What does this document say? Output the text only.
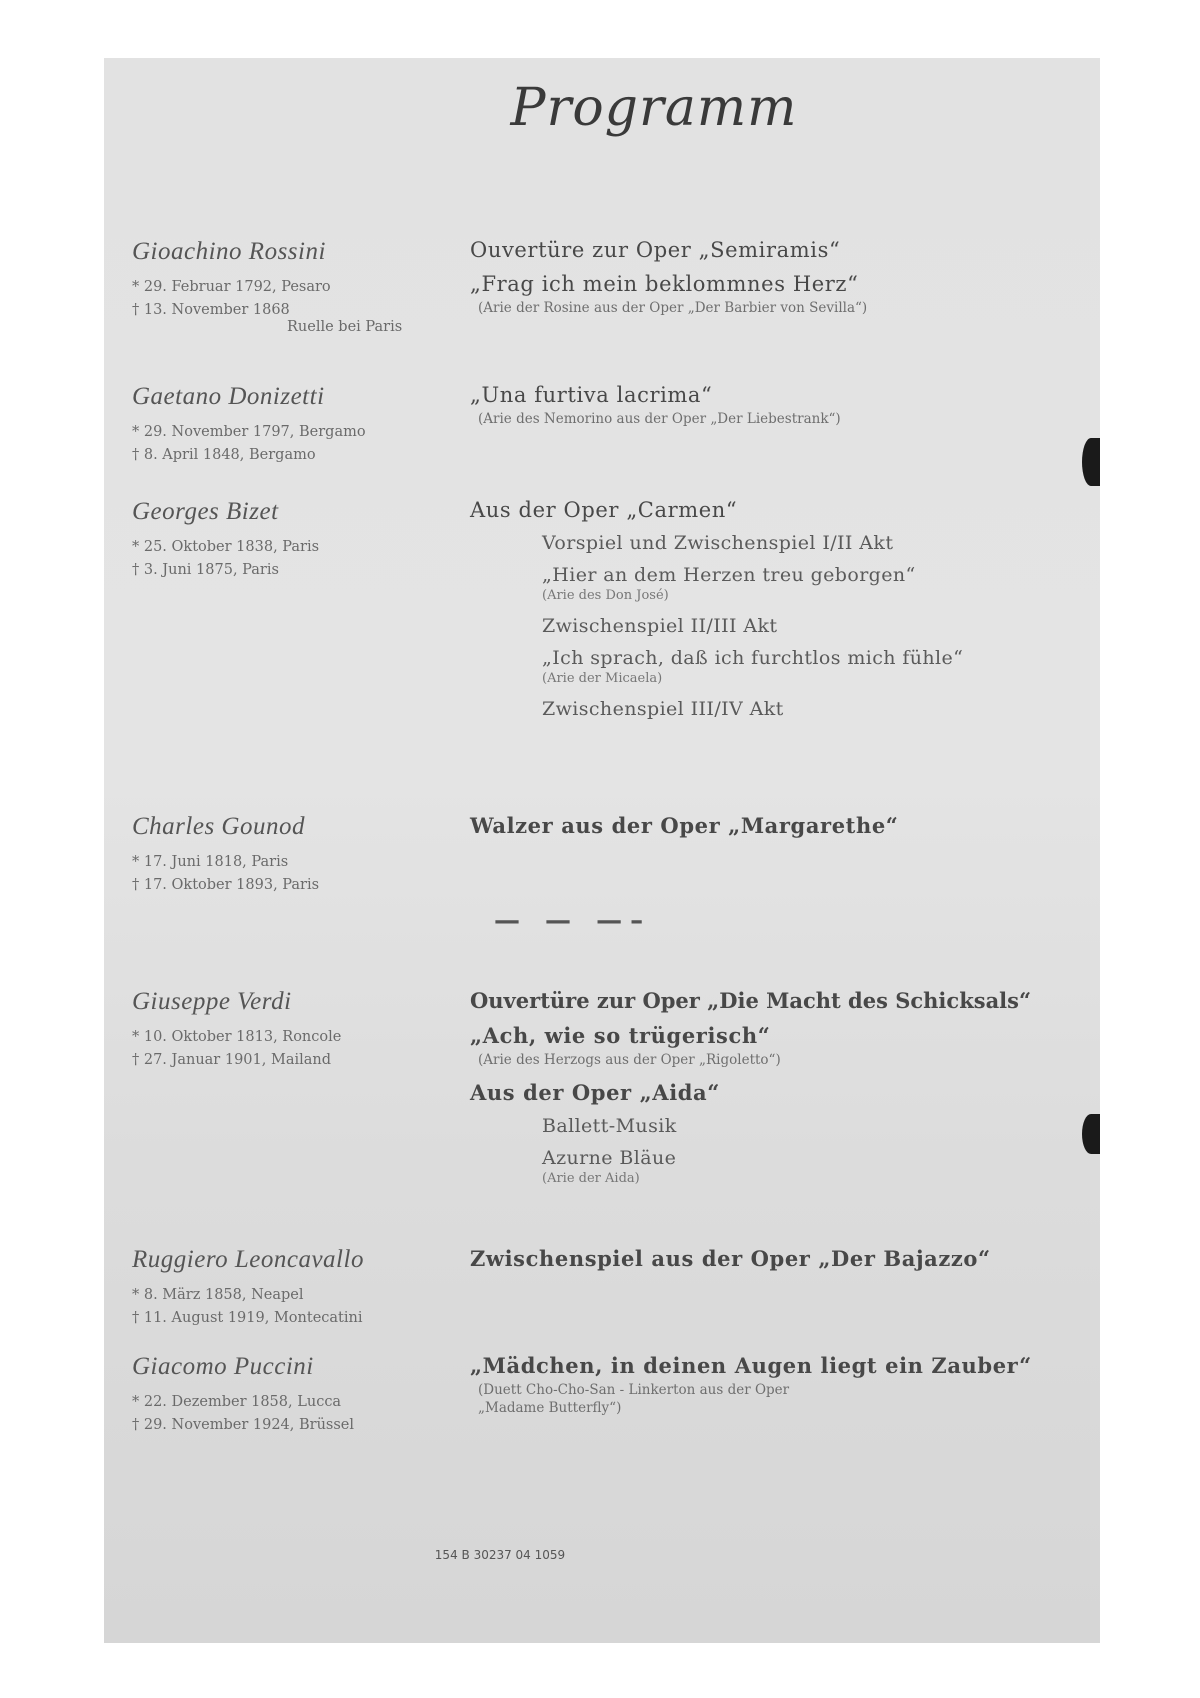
Programm
Gioachino Rossini
* 29. Februar 1792, Pesaro
† 13. November 1868
Ruelle bei Paris
Ouvertüre zur Oper „Semiramis“
„Frag ich mein beklommnes Herz“
(Arie der Rosine aus der Oper „Der Barbier von Sevilla“)
Gaetano Donizetti
* 29. November 1797, Bergamo
† 8. April 1848, Bergamo
„Una furtiva lacrima“
(Arie des Nemorino aus der Oper „Der Liebestrank“)
Georges Bizet
* 25. Oktober 1838, Paris
† 3. Juni 1875, Paris
Aus der Oper „Carmen“
Vorspiel und Zwischenspiel I/II Akt
„Hier an dem Herzen treu geborgen“
(Arie des Don José)
Zwischenspiel II/III Akt
„Ich sprach, daß ich furchtlos mich fühle“
(Arie der Micaela)
Zwischenspiel III/IV Akt
Charles Gounod
* 17. Juni 1818, Paris
† 17. Oktober 1893, Paris
Walzer aus der Oper „Margarethe“
— — —–
Giuseppe Verdi
* 10. Oktober 1813, Roncole
† 27. Januar 1901, Mailand
Ouvertüre zur Oper „Die Macht des Schicksals“
„Ach, wie so trügerisch“
(Arie des Herzogs aus der Oper „Rigoletto“)
Aus der Oper „Aida“
Ballett-Musik
Azurne Bläue
(Arie der Aida)
Ruggiero Leoncavallo
* 8. März 1858, Neapel
† 11. August 1919, Montecatini
Zwischenspiel aus der Oper „Der Bajazzo“
Giacomo Puccini
* 22. Dezember 1858, Lucca
† 29. November 1924, Brüssel
„Mädchen, in deinen Augen liegt ein Zauber“
(Duett Cho-Cho-San - Linkerton aus der Oper
„Madame Butterfly“)
154 B 30237 04 1059
